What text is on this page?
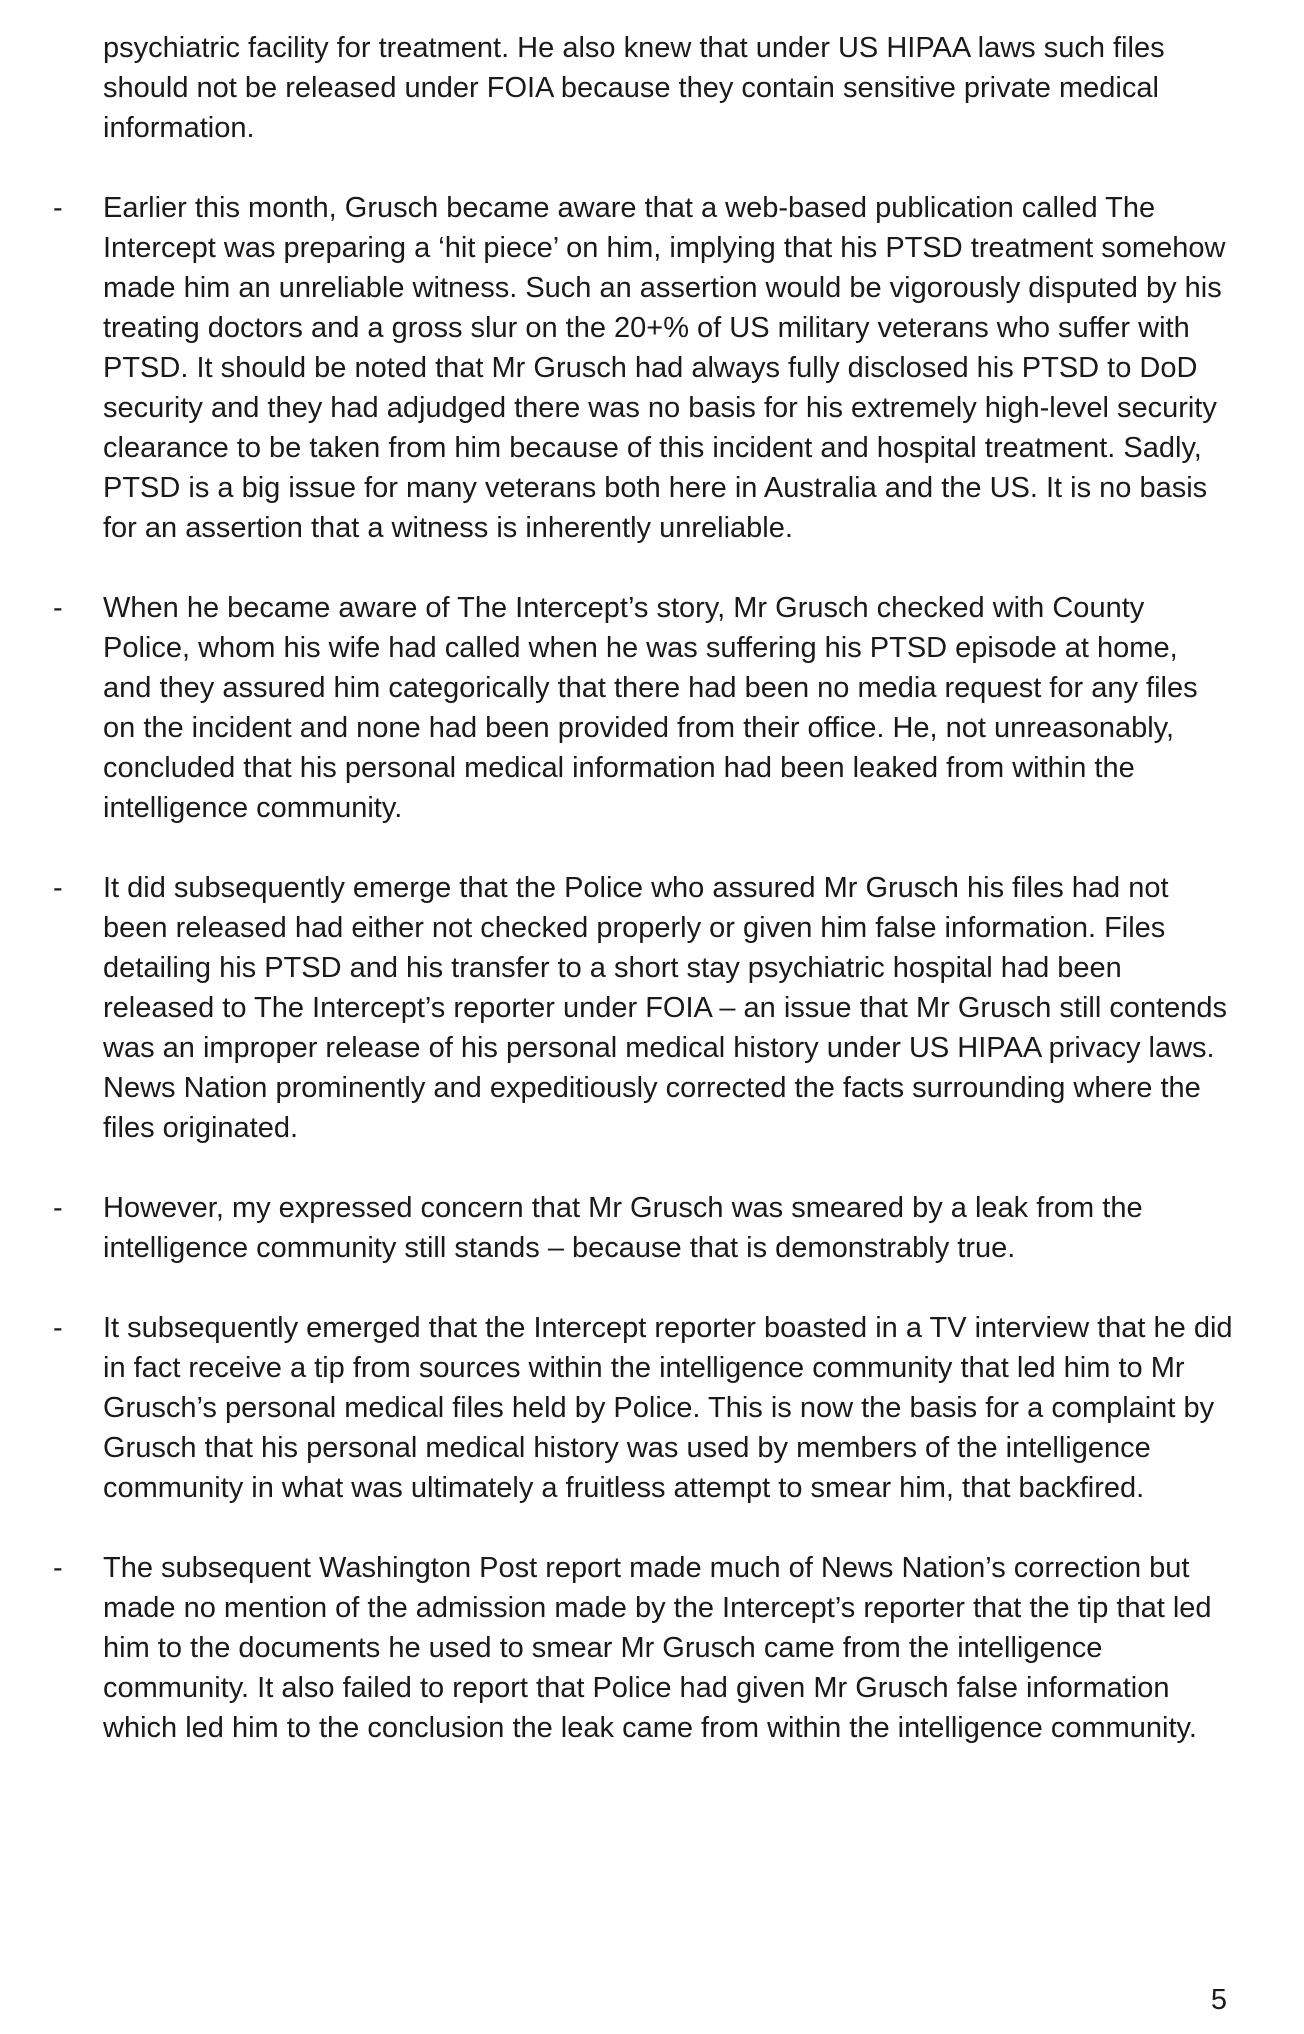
psychiatric facility for treatment. He also knew that under US HIPAA laws such files should not be released under FOIA because they contain sensitive private medical information.

- Earlier this month, Grusch became aware that a web-based publication called The Intercept was preparing a ‘hit piece’ on him, implying that his PTSD treatment somehow made him an unreliable witness. Such an assertion would be vigorously disputed by his treating doctors and a gross slur on the 20+% of US military veterans who suffer with PTSD. It should be noted that Mr Grusch had always fully disclosed his PTSD to DoD security and they had adjudged there was no basis for his extremely high-level security clearance to be taken from him because of this incident and hospital treatment. Sadly, PTSD is a big issue for many veterans both here in Australia and the US. It is no basis for an assertion that a witness is inherently unreliable.

- When he became aware of The Intercept’s story, Mr Grusch checked with County Police, whom his wife had called when he was suffering his PTSD episode at home, and they assured him categorically that there had been no media request for any files on the incident and none had been provided from their office. He, not unreasonably, concluded that his personal medical information had been leaked from within the intelligence community.

- It did subsequently emerge that the Police who assured Mr Grusch his files had not been released had either not checked properly or given him false information. Files detailing his PTSD and his transfer to a short stay psychiatric hospital had been released to The Intercept’s reporter under FOIA – an issue that Mr Grusch still contends was an improper release of his personal medical history under US HIPAA privacy laws. News Nation prominently and expeditiously corrected the facts surrounding where the files originated.

- However, my expressed concern that Mr Grusch was smeared by a leak from the intelligence community still stands – because that is demonstrably true.

- It subsequently emerged that the Intercept reporter boasted in a TV interview that he did in fact receive a tip from sources within the intelligence community that led him to Mr Grusch’s personal medical files held by Police. This is now the basis for a complaint by Grusch that his personal medical history was used by members of the intelligence community in what was ultimately a fruitless attempt to smear him, that backfired.

- The subsequent Washington Post report made much of News Nation’s correction but made no mention of the admission made by the Intercept’s reporter that the tip that led him to the documents he used to smear Mr Grusch came from the intelligence community. It also failed to report that Police had given Mr Grusch false information which led him to the conclusion the leak came from within the intelligence community.

5
